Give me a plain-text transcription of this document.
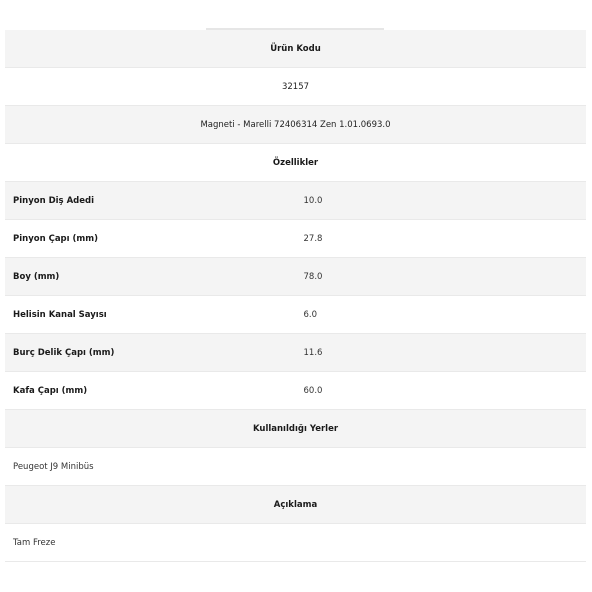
Ürün Kodu	
32157	
Magneti - Marelli 72406314 Zen 1.01.0693.0	
Özellikler	
Pinyon Diş Adedi	10.0
Pinyon Çapı (mm)	27.8
Boy (mm)	78.0
Helisin Kanal Sayısı	6.0
Burç Delik Çapı (mm)	11.6
Kafa Çapı (mm)	60.0
Kullanıldığı Yerler	
Peugeot J9 Minibüs	
Açıklama	
Tam Freze	
